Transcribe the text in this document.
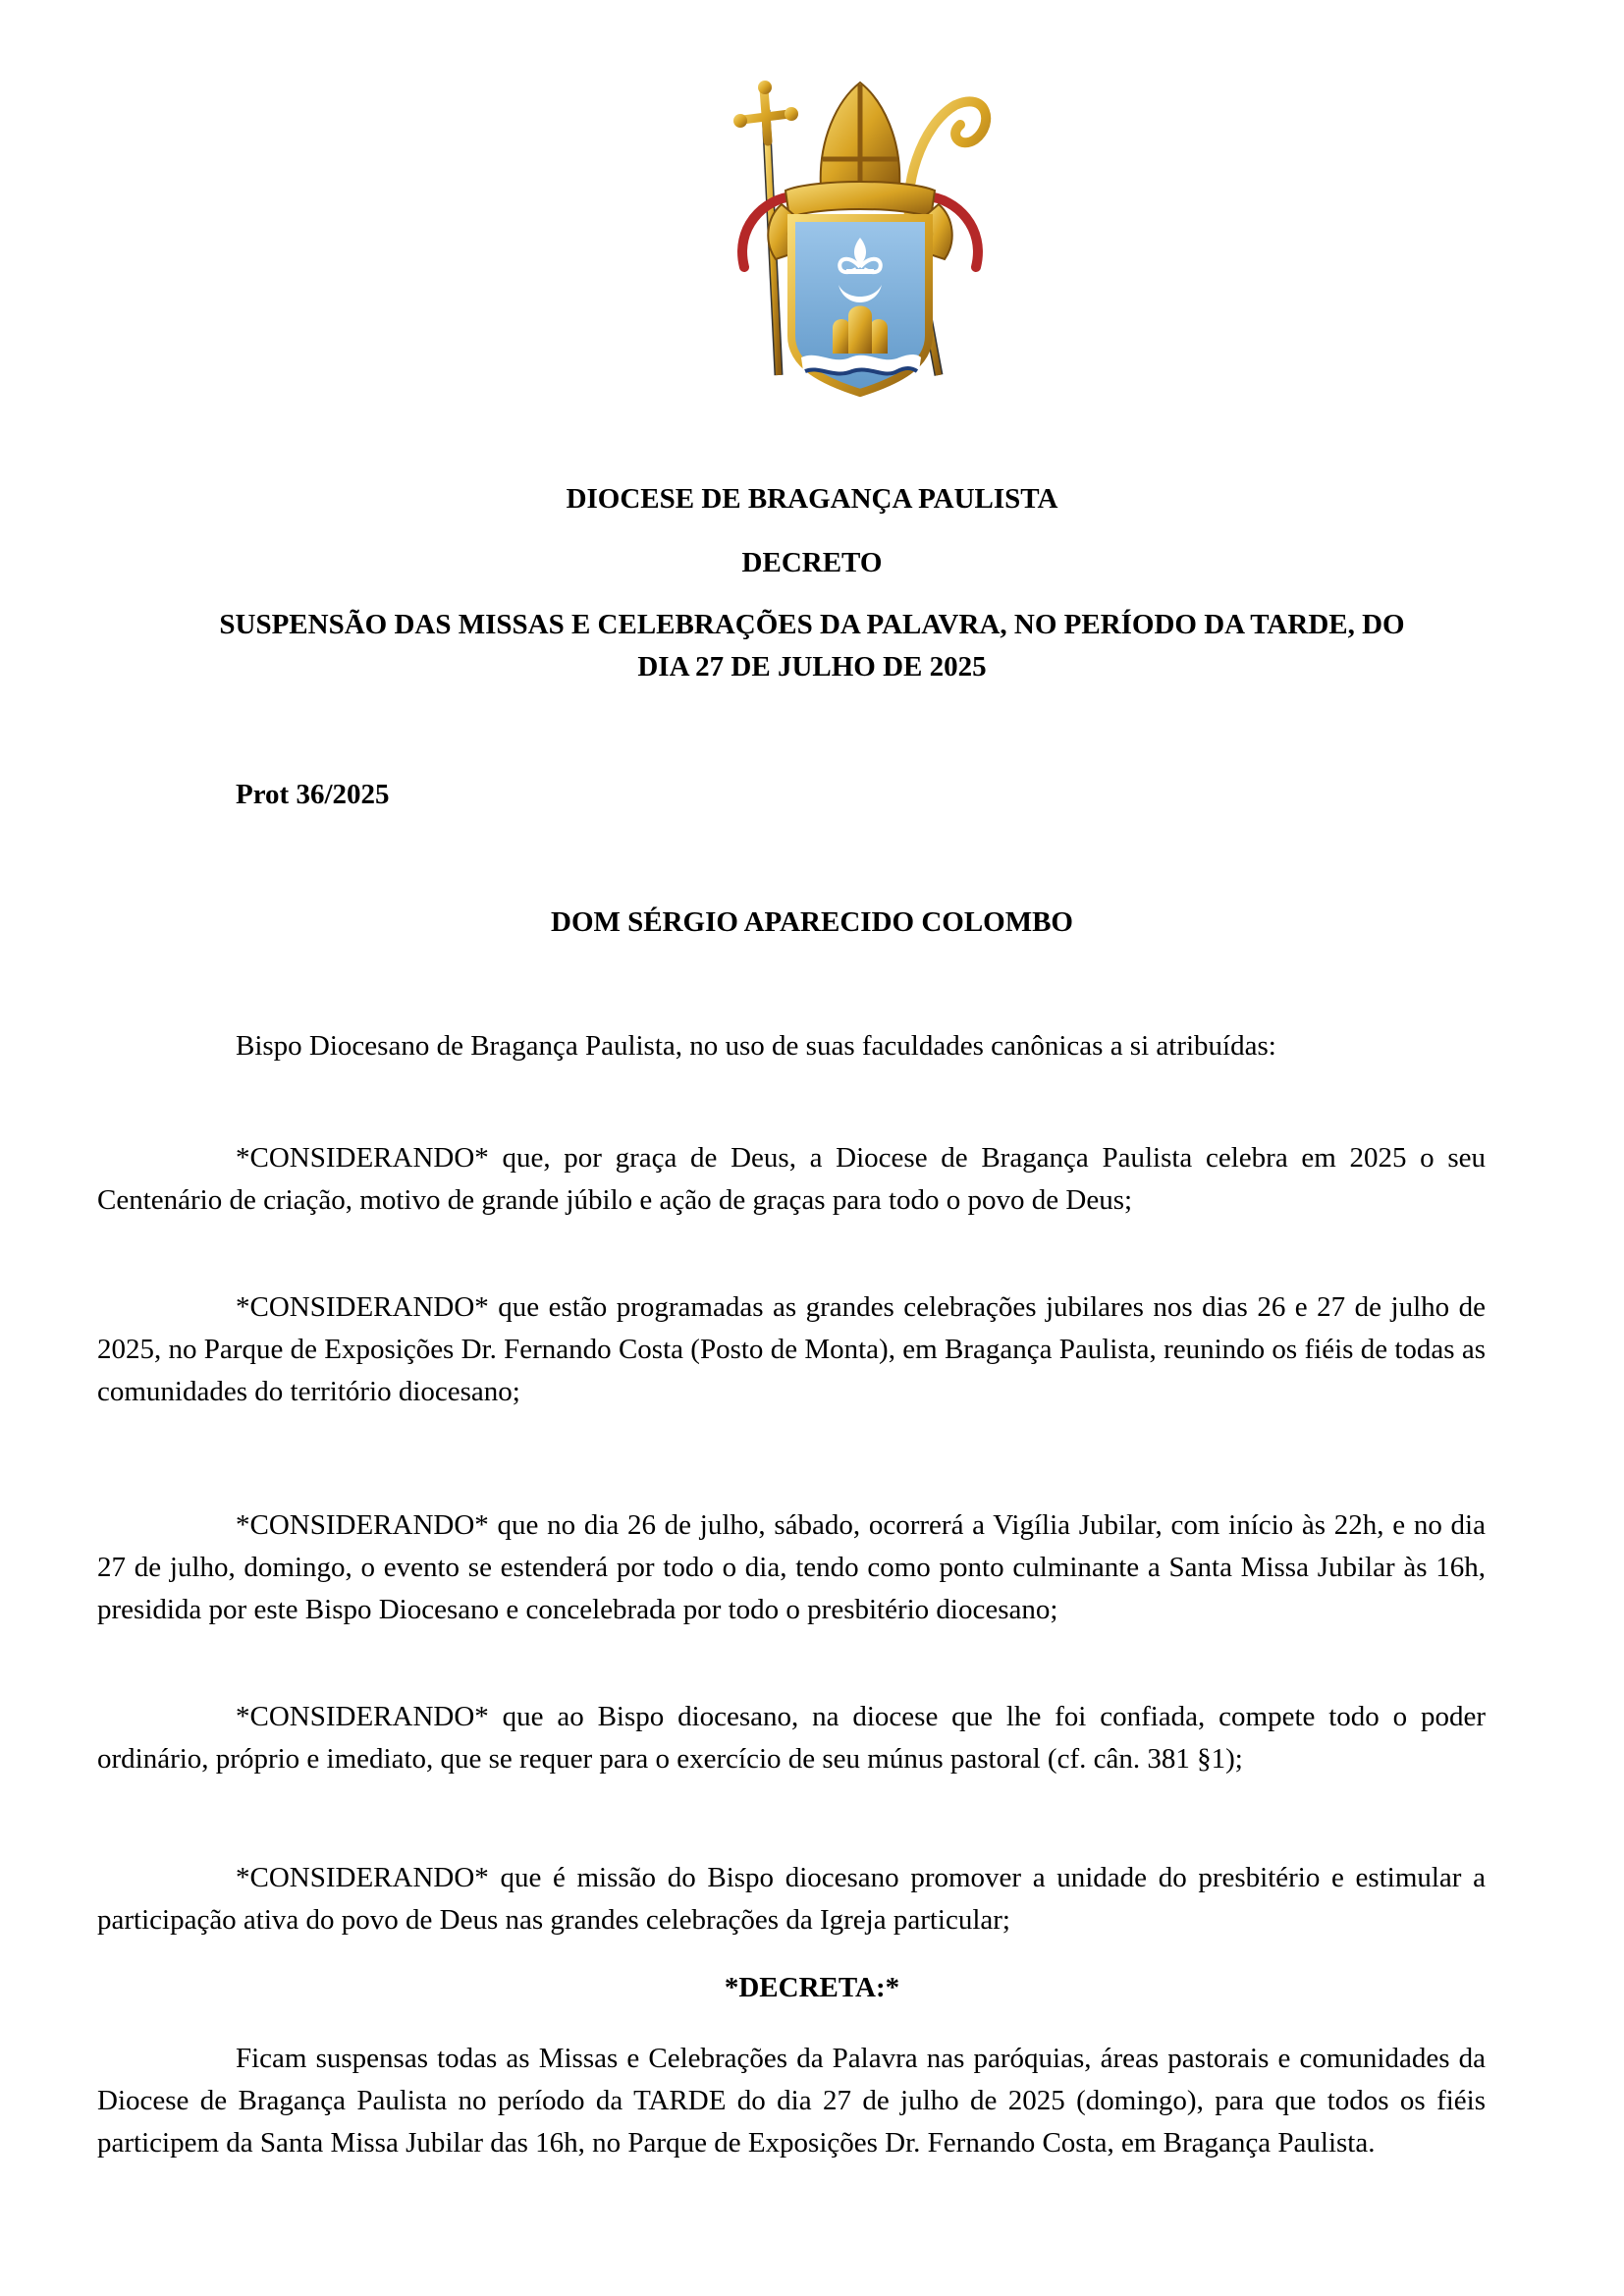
DIOCESE DE BRAGANÇA PAULISTA

DECRETO

SUSPENSÃO DAS MISSAS E CELEBRAÇÕES DA PALAVRA, NO PERÍODO DA TARDE, DO DIA 27 DE JULHO DE 2025

Prot 36/2025

DOM SÉRGIO APARECIDO COLOMBO

Bispo Diocesano de Bragança Paulista, no uso de suas faculdades canônicas a si atribuídas:

*CONSIDERANDO* que, por graça de Deus, a Diocese de Bragança Paulista celebra em 2025 o seu Centenário de criação, motivo de grande júbilo e ação de graças para todo o povo de Deus;

*CONSIDERANDO* que estão programadas as grandes celebrações jubilares nos dias 26 e 27 de julho de 2025, no Parque de Exposições Dr. Fernando Costa (Posto de Monta), em Bragança Paulista, reunindo os fiéis de todas as comunidades do território diocesano;

*CONSIDERANDO* que no dia 26 de julho, sábado, ocorrerá a Vigília Jubilar, com início às 22h, e no dia 27 de julho, domingo, o evento se estenderá por todo o dia, tendo como ponto culminante a Santa Missa Jubilar às 16h, presidida por este Bispo Diocesano e concelebrada por todo o presbitério diocesano;

*CONSIDERANDO* que ao Bispo diocesano, na diocese que lhe foi confiada, compete todo o poder ordinário, próprio e imediato, que se requer para o exercício de seu múnus pastoral (cf. cân. 381 §1);

*CONSIDERANDO* que é missão do Bispo diocesano promover a unidade do presbitério e estimular a participação ativa do povo de Deus nas grandes celebrações da Igreja particular;

*DECRETA:*

Ficam suspensas todas as Missas e Celebrações da Palavra nas paróquias, áreas pastorais e comunidades da Diocese de Bragança Paulista no período da TARDE do dia 27 de julho de 2025 (domingo), para que todos os fiéis participem da Santa Missa Jubilar das 16h, no Parque de Exposições Dr. Fernando Costa, em Bragança Paulista.
